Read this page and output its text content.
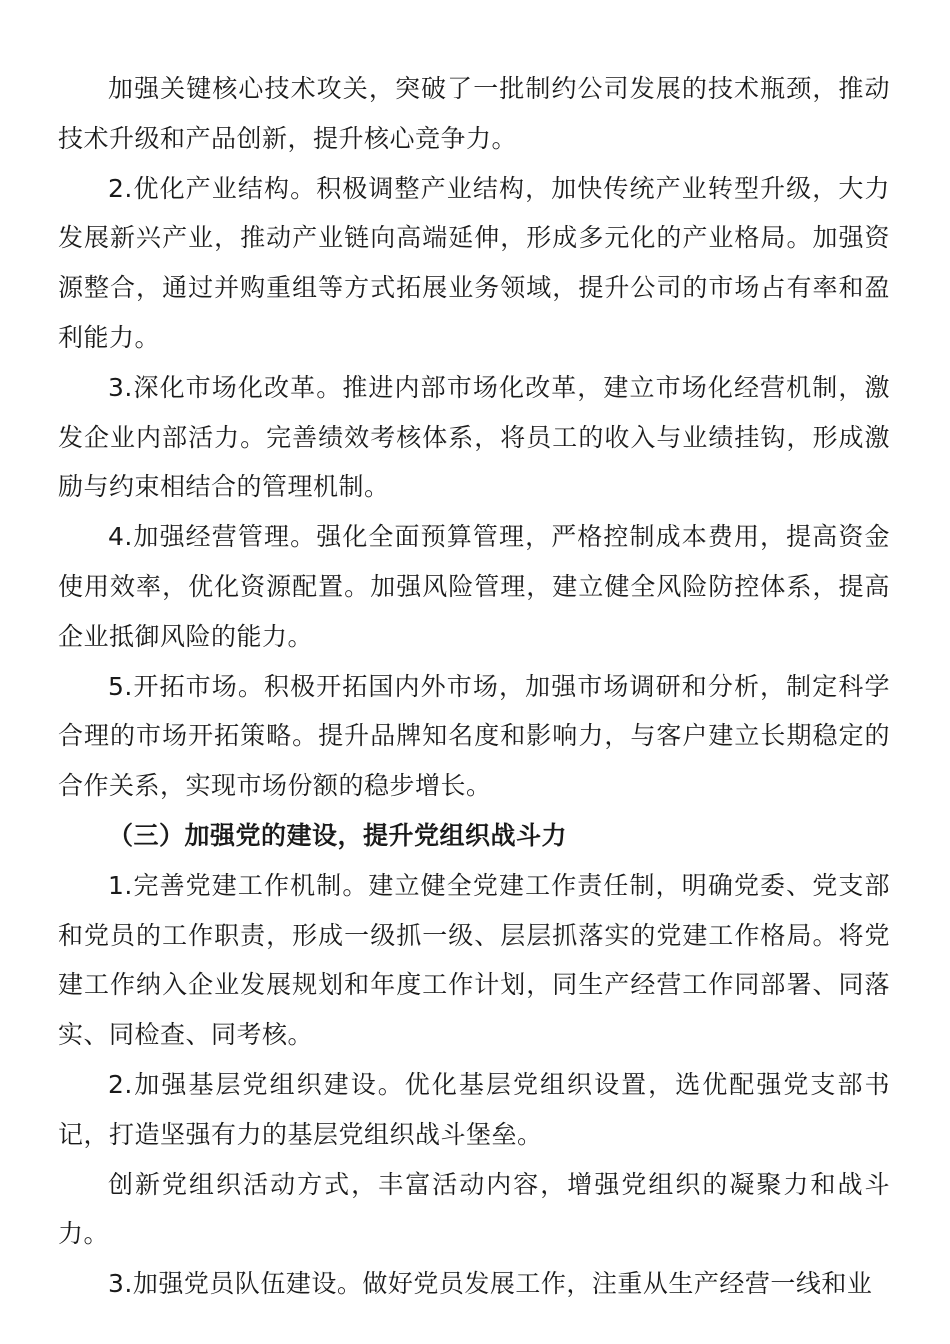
加强关键核心技术攻关，突破了一批制约公司发展的技术瓶颈，推动技术升级和产品创新，提升核心竞争力。

2.优化产业结构。积极调整产业结构，加快传统产业转型升级，大力发展新兴产业，推动产业链向高端延伸，形成多元化的产业格局。加强资源整合，通过并购重组等方式拓展业务领域，提升公司的市场占有率和盈利能力。

3.深化市场化改革。推进内部市场化改革，建立市场化经营机制，激发企业内部活力。完善绩效考核体系，将员工的收入与业绩挂钩，形成激励与约束相结合的管理机制。

4.加强经营管理。强化全面预算管理，严格控制成本费用，提高资金使用效率，优化资源配置。加强风险管理，建立健全风险防控体系，提高企业抵御风险的能力。

5.开拓市场。积极开拓国内外市场，加强市场调研和分析，制定科学合理的市场开拓策略。提升品牌知名度和影响力，与客户建立长期稳定的合作关系，实现市场份额的稳步增长。

（三）加强党的建设，提升党组织战斗力

1.完善党建工作机制。建立健全党建工作责任制，明确党委、党支部和党员的工作职责，形成一级抓一级、层层抓落实的党建工作格局。将党建工作纳入企业发展规划和年度工作计划，同生产经营工作同部署、同落实、同检查、同考核。

2.加强基层党组织建设。优化基层党组织设置，选优配强党支部书记，打造坚强有力的基层党组织战斗堡垒。

创新党组织活动方式，丰富活动内容，增强党组织的凝聚力和战斗力。

3.加强党员队伍建设。做好党员发展工作，注重从生产经营一线和业
